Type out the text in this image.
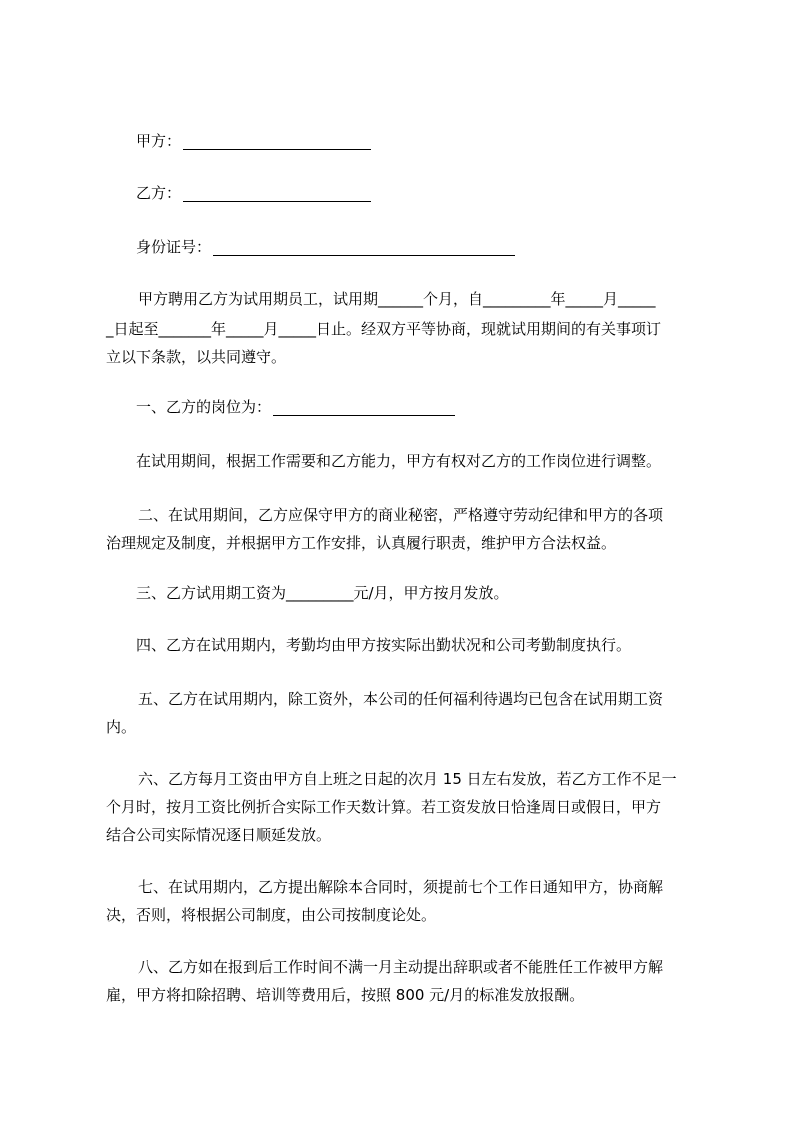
甲方：
乙方：
身份证号：
甲方聘用乙方为试用期员工，试用期______个月，自_________年_____月_____
_日起至_______年_____月_____日止。经双方平等协商，现就试用期间的有关事项订
立以下条款，以共同遵守。
一、乙方的岗位为：
在试用期间，根据工作需要和乙方能力，甲方有权对乙方的工作岗位进行调整。
二、在试用期间，乙方应保守甲方的商业秘密，严格遵守劳动纪律和甲方的各项
治理规定及制度，并根据甲方工作安排，认真履行职责，维护甲方合法权益。
三、乙方试用期工资为_________元/月，甲方按月发放。
四、乙方在试用期内，考勤均由甲方按实际出勤状况和公司考勤制度执行。
五、乙方在试用期内，除工资外，本公司的任何福利待遇均已包含在试用期工资
内。
六、乙方每月工资由甲方自上班之日起的次月 15 日左右发放，若乙方工作不足一
个月时，按月工资比例折合实际工作天数计算。若工资发放日恰逢周日或假日，甲方
结合公司实际情况逐日顺延发放。
七、在试用期内，乙方提出解除本合同时，须提前七个工作日通知甲方，协商解
决，否则，将根据公司制度，由公司按制度论处。
八、乙方如在报到后工作时间不满一月主动提出辞职或者不能胜任工作被甲方解
雇，甲方将扣除招聘、培训等费用后，按照 800 元/月的标准发放报酬。
